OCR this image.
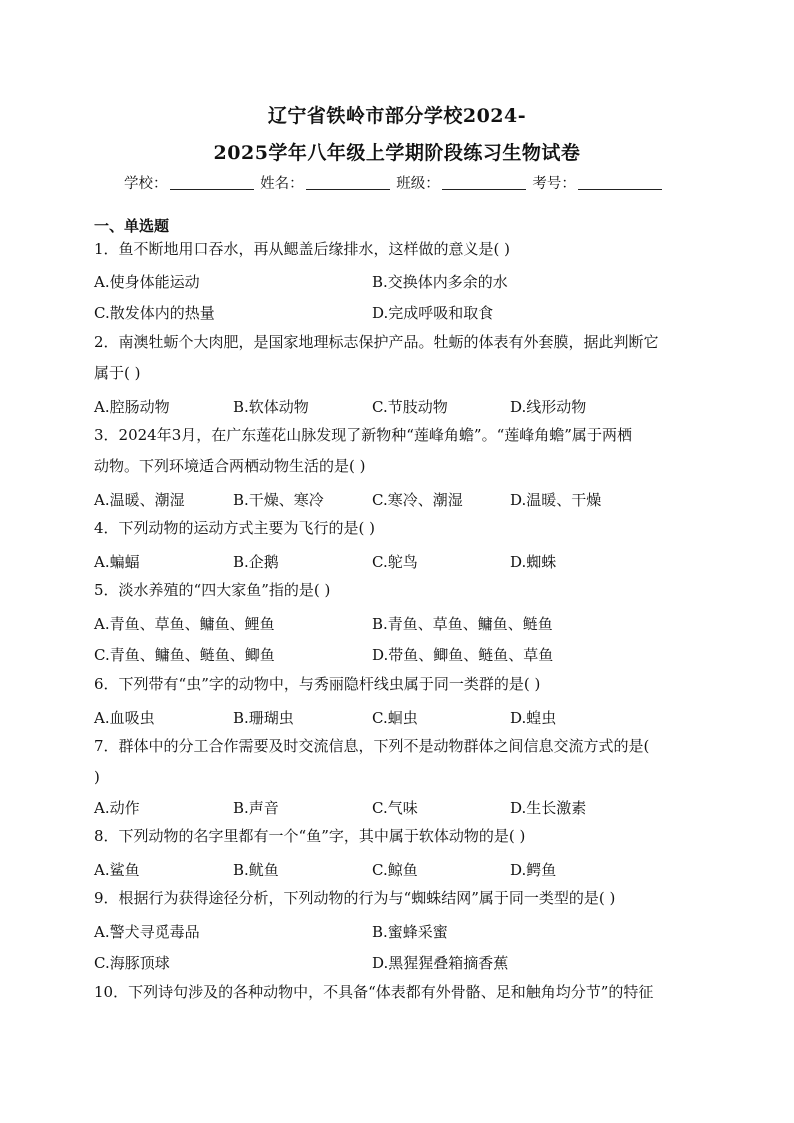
辽宁省铁岭市部分学校2024-
2025学年八年级上学期阶段练习生物试卷
学校：	姓名：	班级：	考号：
一、单选题
1．鱼不断地用口吞水，再从鳃盖后缘排水，这样做的意义是( )
A.使身体能运动	B.交换体内多余的水
C.散发体内的热量	D.完成呼吸和取食
2．南澳牡蛎个大肉肥，是国家地理标志保护产品。牡蛎的体表有外套膜，据此判断它
属于( )
A.腔肠动物	B.软体动物	C.节肢动物	D.线形动物
3．2024年3月，在广东莲花山脉发现了新物种“莲峰角蟾”。“莲峰角蟾”属于两栖
动物。下列环境适合两栖动物生活的是( )
A.温暖、潮湿	B.干燥、寒冷	C.寒冷、潮湿	D.温暖、干燥
4．下列动物的运动方式主要为飞行的是( )
A.蝙蝠	B.企鹅	C.鸵鸟	D.蜘蛛
5．淡水养殖的“四大家鱼”指的是( )
A.青鱼、草鱼、鳙鱼、鲤鱼	B.青鱼、草鱼、鳙鱼、鲢鱼
C.青鱼、鳙鱼、鲢鱼、鲫鱼	D.带鱼、鲫鱼、鲢鱼、草鱼
6．下列带有“虫”字的动物中，与秀丽隐杆线虫属于同一类群的是( )
A.血吸虫	B.珊瑚虫	C.蛔虫	D.蝗虫
7．群体中的分工合作需要及时交流信息，下列不是动物群体之间信息交流方式的是(
)
A.动作	B.声音	C.气味	D.生长激素
8．下列动物的名字里都有一个“鱼”字，其中属于软体动物的是( )
A.鲨鱼	B.鱿鱼	C.鲸鱼	D.鳄鱼
9．根据行为获得途径分析，下列动物的行为与“蜘蛛结网”属于同一类型的是( )
A.警犬寻觅毒品	B.蜜蜂采蜜
C.海豚顶球	D.黑猩猩叠箱摘香蕉
10．下列诗句涉及的各种动物中，不具备“体表都有外骨骼、足和触角均分节”的特征
